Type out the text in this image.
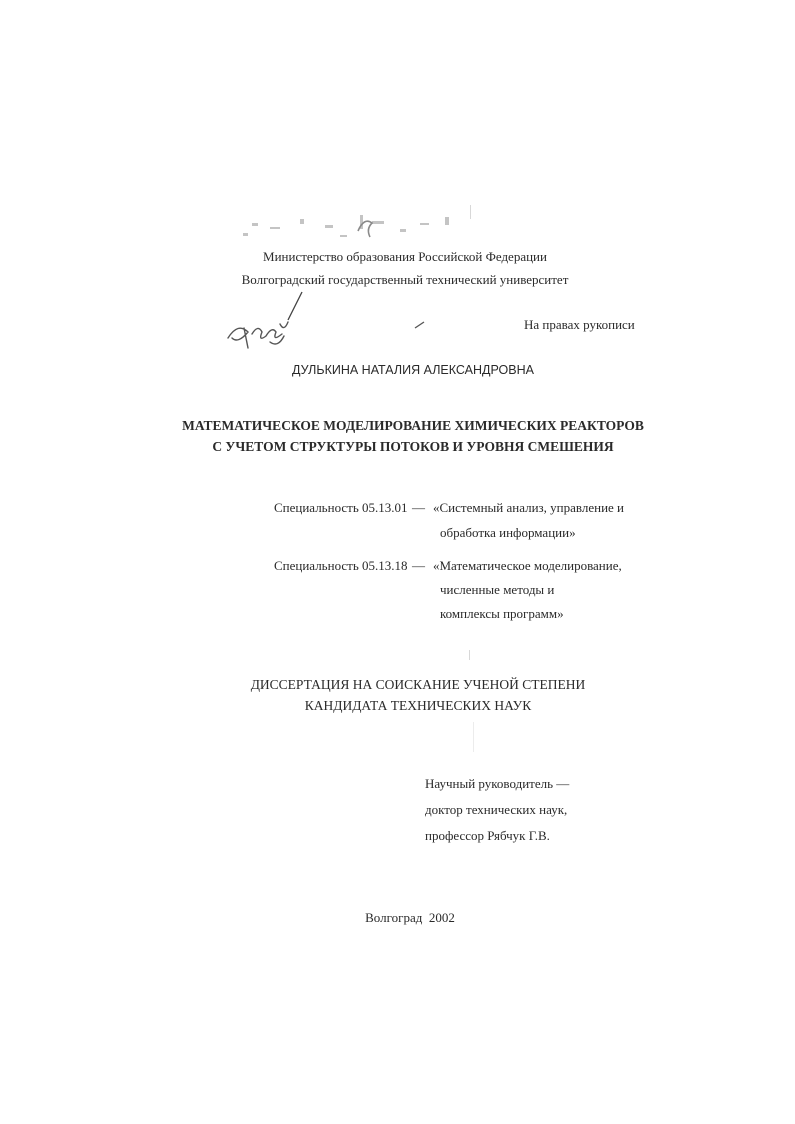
Министерство образования Российской Федерации
Волгоградский государственный технический университет
На правах рукописи
ДУЛЬКИНА НАТАЛИЯ АЛЕКСАНДРОВНА
МАТЕМАТИЧЕСКОЕ МОДЕЛИРОВАНИЕ ХИМИЧЕСКИХ РЕАКТОРОВ
С УЧЕТОМ СТРУКТУРЫ ПОТОКОВ И УРОВНЯ СМЕШЕНИЯ
Специальность 05.13.01 — «Системный анализ, управление и
обработка информации»
Специальность 05.13.18 — «Математическое моделирование,
численные методы и
комплексы программ»
ДИССЕРТАЦИЯ НА СОИСКАНИЕ УЧЕНОЙ СТЕПЕНИ
КАНДИДАТА ТЕХНИЧЕСКИХ НАУК
Научный руководитель —
доктор технических наук,
профессор Рябчук Г.В.
Волгоград  2002
